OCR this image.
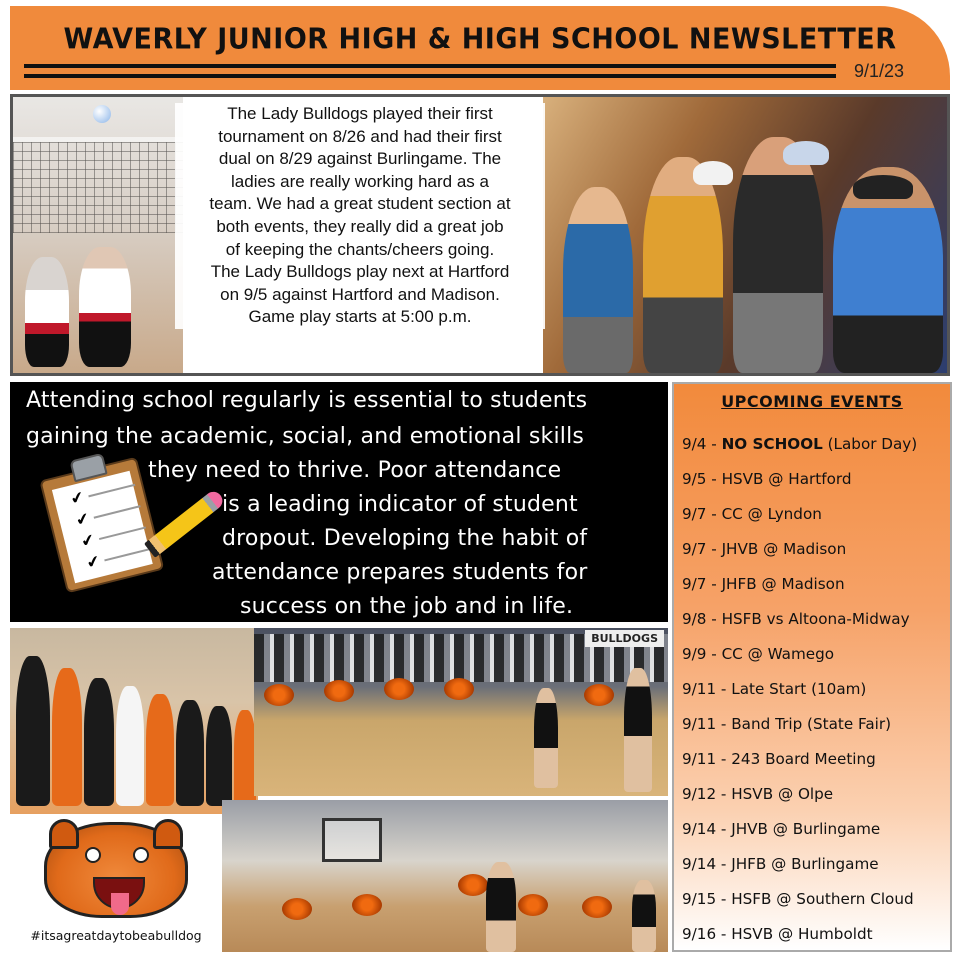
WAVERLY JUNIOR HIGH & HIGH SCHOOL NEWSLETTER
9/1/23
The Lady Bulldogs played their first
tournament on 8/26 and had their first
dual on 8/29 against Burlingame. The
ladies are really working hard as a
team. We had a great student section at
both events, they really did a great job
of keeping the chants/cheers going.
The Lady Bulldogs play next at Hartford
on 9/5 against Hartford and Madison.
Game play starts at 5:00 p.m.
Attending school regularly is essential to students
gaining the academic, social, and emotional skills
they need to thrive. Poor attendance
is a leading indicator of student
dropout. Developing the habit of
attendance prepares students for
success on the job and in life.
✔
✔
✔
✔
UPCOMING EVENTS
9/4 - NO SCHOOL (Labor Day)
9/5 - HSVB @ Hartford
9/7 - CC @ Lyndon
9/7 - JHVB @ Madison
9/7 - JHFB @ Madison
9/8 - HSFB vs Altoona-Midway
9/9 - CC @ Wamego
9/11 - Late Start (10am)
9/11 - Band Trip (State Fair)
9/11 - 243 Board Meeting
9/12 - HSVB @ Olpe
9/14 - JHVB @ Burlingame
9/14 - JHFB @ Burlingame
9/15 - HSFB @ Southern Cloud
9/16 - HSVB @ Humboldt
BULLDOGS
#itsagreatdaytobeabulldog
